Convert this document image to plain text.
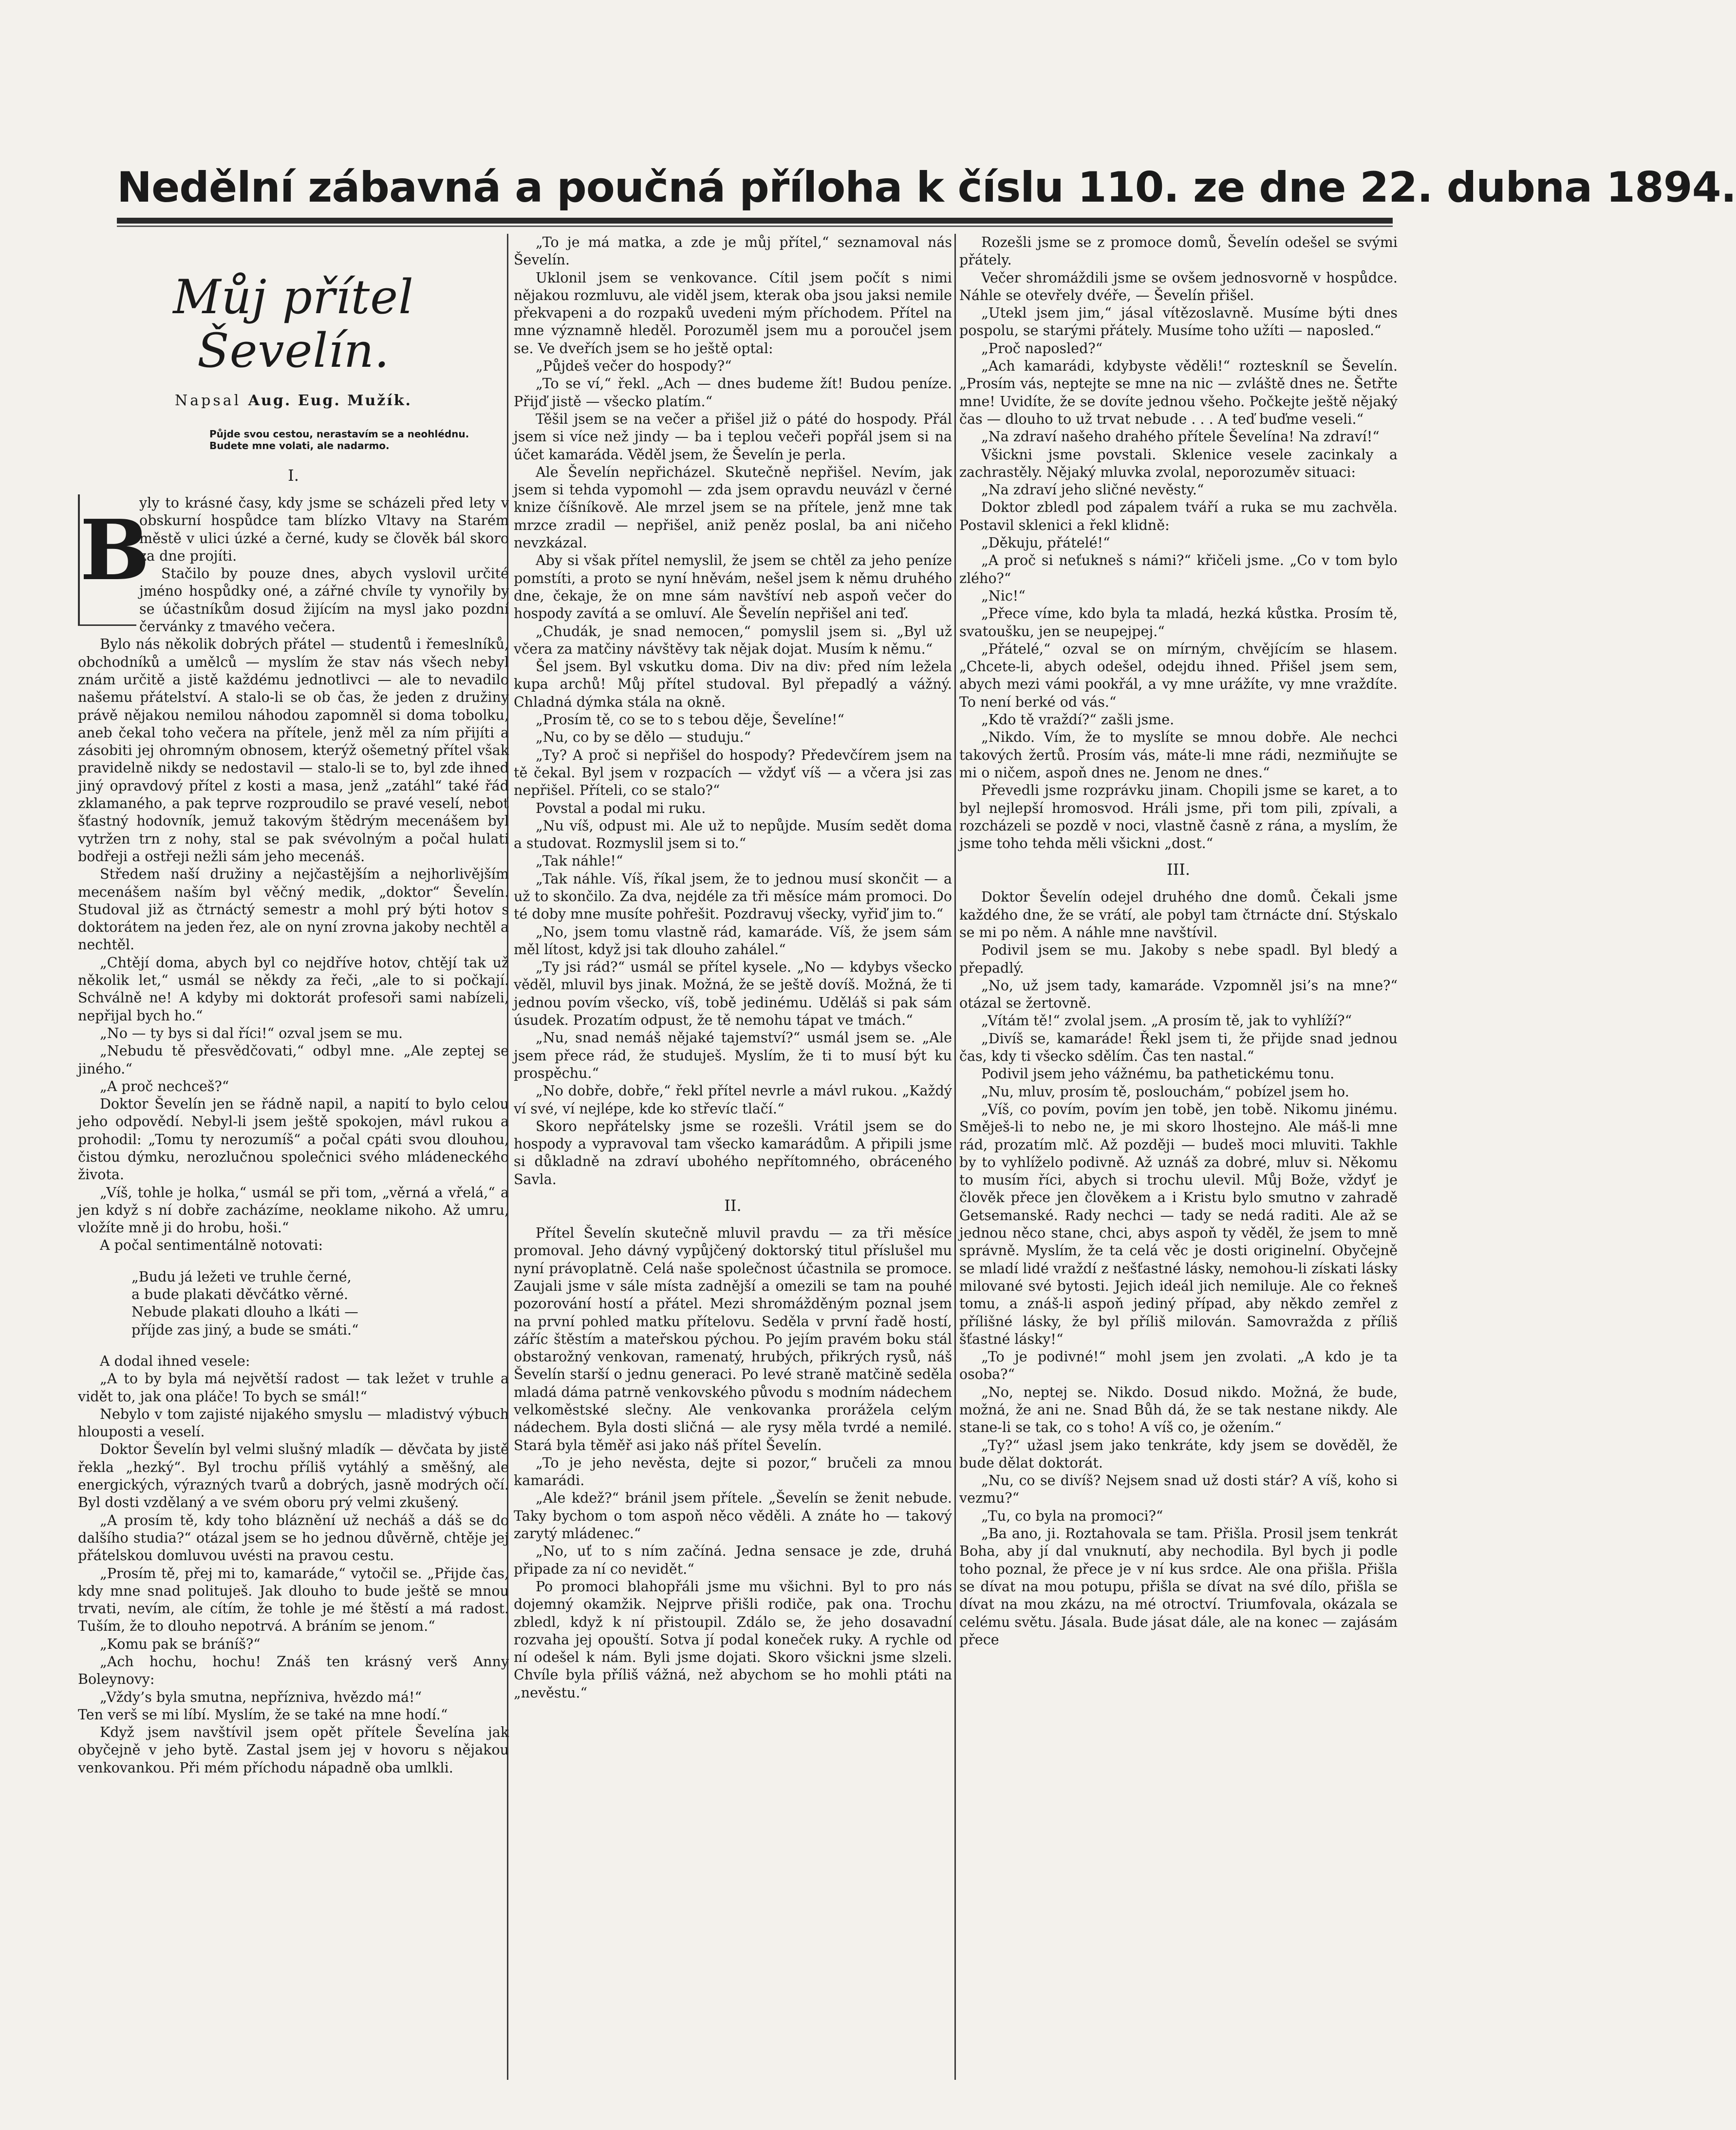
Nedělní zábavná a poučná příloha k číslu 110. ze dne 22. dubna 1894.
Můj přítel Ševelín.
Napsal Aug. Eug. Mužík.
Půjde svou cestou, nerastavím se a neohlédnu. Budete mne volati, ale nadarmo.
I.
B

yly to krásné časy, kdy jsme se scházeli před lety v obskurní hospůdce tam blízko Vltavy na Starém městě v ulici úzké a černé, kudy se člověk bál skoro za dne projíti.

Stačilo by pouze dnes, abych vyslovil určité jméno hospůdky oné, a zářné chvíle ty vynořily by se účastníkům dosud žijícím na mysl jako pozdní červánky z tmavého večera.

Bylo nás několik dobrých přátel — studentů i řemeslníků, obchodníků a umělců — myslím že stav nás všech nebyl znám určitě a jistě každému jednotlivci — ale to nevadilo našemu přátelství. A stalo-li se ob čas, že jeden z družiny právě nějakou nemilou náhodou zapomněl si doma tobolku, aneb čekal toho večera na přítele, jenž měl za ním přijíti a zásobiti jej ohromným obnosem, kterýž ošemetný přítel však pravidelně nikdy se nedostavil — stalo-li se to, byl zde ihned jiný opravdový přítel z kosti a masa, jenž „zatáhl“ také řád zklamaného, a pak teprve rozproudilo se pravé veselí, neboť šťastný hodovník, jemuž takovým štědrým mecenášem byl vytržen trn z nohy, stal se pak svévolným a počal hulati bodřeji a ostřeji nežli sám jeho mecenáš.

Středem naší družiny a nejčastějším a nejhorlivějším mecenášem naším byl věčný medik, „doktor“ Ševelín. Studoval již as čtrnáctý semestr a mohl prý býti hotov s doktorátem na jeden řez, ale on nyní zrovna jakoby nechtěl a nechtěl.

„Chtějí doma, abych byl co nejdříve hotov, chtějí tak už několik let,“ usmál se někdy za řeči, „ale to si počkají. Schválně ne! A kdyby mi doktorát profesoři sami nabízeli, nepřijal bych ho.“

„No — ty bys si dal říci!“ ozval jsem se mu.

„Nebudu tě přesvědčovati,“ odbyl mne. „Ale zeptej se jiného.“

„A proč nechceš?“

Doktor Ševelín jen se řádně napil, a napití to bylo celou jeho odpovědí. Nebyl-li jsem ještě spokojen, mávl rukou a prohodil: „Tomu ty nerozumíš“ a počal cpáti svou dlouhou, čistou dýmku, nerozlučnou společnici svého mládeneckého života.

„Víš, tohle je holka,“ usmál se při tom, „věrná a vřelá,“ a jen když s ní dobře zacházíme, neoklame nikoho. Až umru, vložíte mně ji do hrobu, hoši.“

A počal sentimentálně notovati:

„Budu já ležeti ve truhle černé,
a bude plakati děvčátko věrné.
Nebude plakati dlouho a lkáti —
příjde zas jiný, a bude se smáti.“

A dodal ihned vesele:

„A to by byla má největší radost — tak ležet v truhle a vidět to, jak ona pláče! To bych se smál!“

Nebylo v tom zajisté nijakého smyslu — mladistvý výbuch hlouposti a veselí.

Doktor Ševelín byl velmi slušný mladík — děvčata by jistě řekla „hezký“. Byl trochu příliš vytáhlý a směšný, ale energických, výrazných tvarů a dobrých, jasně modrých očí. Byl dosti vzdělaný a ve svém oboru prý velmi zkušený.

„A prosím tě, kdy toho bláznění už necháš a dáš se do dalšího studia?“ otázal jsem se ho jednou důvěrně, chtěje jej přátelskou domluvou uvésti na pravou cestu.

„Prosím tě, přej mi to, kamaráde,“ vytočil se. „Přijde čas, kdy mne snad polituješ. Jak dlouho to bude ještě se mnou trvati, nevím, ale cítím, že tohle je mé štěstí a má radost. Tuším, že to dlouho nepotrvá. A bráním se jenom.“

„Komu pak se bráníš?“

„Ach hochu, hochu! Znáš ten krásný verš Anny Boleynovy:

„Vždy’s byla smutna, nepříznivа, hvězdo má!“

Ten verš se mi líbí. Myslím, že se také na mne hodí.“

Když jsem navštívil jsem opět přítele Ševelína jak obyčejně v jeho bytě. Zastal jsem jej v hovoru s nějakou venkovankou. Při mém příchodu nápadně oba umlkli.

„To je má matka, a zde je můj přítel,“ seznamoval nás Ševelín.

Uklonil jsem se venkovance. Cítil jsem počít s nimi nějakou rozmluvu, ale viděl jsem, kterak oba jsou jaksi nemile překvapeni a do rozpaků uvedeni mým příchodem. Přítel na mne významně hleděl. Porozuměl jsem mu a poroučel jsem se. Ve dveřích jsem se ho ještě optal:

„Půjdeš večer do hospody?“

„To se ví,“ řekl. „Ach — dnes budeme žít! Budou peníze. Přijď jistě — všecko platím.“

Těšil jsem se na večer a přišel již o páté do hospody. Přál jsem si více než jindy — ba i teplou večeři popřál jsem si na účet kamaráda. Věděl jsem, že Ševelín je perla.

Ale Ševelín nepřicházel. Skutečně nepřišel. Nevím, jak jsem si tehda vypomohl — zda jsem opravdu neuvázl v černé knize číšníkově. Ale mrzel jsem se na přítele, jenž mne tak mrzce zradil — nepřišel, aniž peněz poslal, ba ani ničeho nevzkázal.

Aby si však přítel nemyslil, že jsem se chtěl za jeho peníze pomstíti, a proto se nyní hněvám, nešel jsem k němu druhého dne, čekaje, že on mne sám navštíví neb aspoň večer do hospody zavítá a se omluví. Ale Ševelín nepřišel ani teď.

„Chudák, je snad nemocen,“ pomyslil jsem si. „Byl už včera za matčiny návštěvy tak nějak dojat. Musím k němu.“

Šel jsem. Byl vskutku doma. Div na div: před ním ležela kupa archů! Můj přítel studoval. Byl přepadlý a vážný. Chladná dýmka stála na okně.

„Prosím tě, co se to s tebou děje, Ševelíne!“

„Nu, co by se dělo — studuju.“

„Ty? A proč si nepřišel do hospody? Předevčírem jsem na tě čekal. Byl jsem v rozpacích — vždyť víš — a včera jsi zas nepřišel. Příteli, co se stalo?“

Povstal a podal mi ruku.

„Nu víš, odpust mi. Ale už to nepůjde. Musím sedět doma a studovat. Rozmyslil jsem si to.“

„Tak náhle!“

„Tak náhle. Víš, říkal jsem, že to jednou musí skončit — a už to skončilo. Za dva, nejdéle za tři měsíce mám promoci. Do té doby mne musíte pohřešit. Pozdravuj všecky, vyřiď jim to.“

„No, jsem tomu vlastně rád, kamaráde. Víš, že jsem sám měl lítost, když jsi tak dlouho zahálel.“

„Ty jsi rád?“ usmál se přítel kysele. „No — kdybys všecko věděl, mluvil bys jinak. Možná, že se ještě dovíš. Možná, že ti jednou povím všecko, víš, tobě jedinému. Uděláš si pak sám úsudek. Prozatím odpust, že tě nemohu tápat ve tmách.“

„Nu, snad nemáš nějaké tajemství?“ usmál jsem se. „Ale jsem přece rád, že studuješ. Myslím, že ti to musí být ku prospěchu.“

„No dobře, dobře,“ řekl přítel nevrle a mávl rukou. „Každý ví své, ví nejlépe, kde ko střevíc tlačí.“

Skoro nepřátelsky jsme se rozešli. Vrátil jsem se do hospody a vypravoval tam všecko kamarádům. A připili jsme si důkladně na zdraví ubohého nepřítomného, obráceného Savla.

II.

Přítel Ševelín skutečně mluvil pravdu — za tři měsíce promoval. Jeho dávný vypůjčený doktorský titul příslušel mu nyní právoplatně. Celá naše společnost účastnila se promoce. Zaujali jsme v sále místa zadnější a omezili se tam na pouhé pozorování hostí a přátel. Mezi shromážděným poznal jsem na první pohled matku přítelovu. Seděla v první řadě hostí, záříc štěstím a mateřskou pýchou. Po jejím pravém boku stál obstarožný venkovan, ramenatý, hrubých, přikrých rysů, náš Ševelín starší o jednu generaci. Po levé straně matčině seděla mladá dáma patrně venkovského původu s modním nádechem velkoměstské slečny. Ale venkovanka prorážela celým nádechem. Byla dosti sličná — ale rysy měla tvrdé a nemilé. Stará byla těměř asi jako náš přítel Ševelín.

„To je jeho nevěsta, dejte si pozor,“ bručeli za mnou kamarádi.

„Ale kdež?“ bránil jsem přítele. „Ševelín se ženit nebude. Taky bychom o tom aspoň něco věděli. A znáte ho — takový zarytý mládenec.“

„No, uť to s ním začíná. Jedna sensace je zde, druhá připade za ní co nevidět.“

Po promoci blahopřáli jsme mu všichni. Byl to pro nás dojemný okamžik. Nejprve přišli rodiče, pak ona. Trochu zbledl, když k ní přistoupil. Zdálo se, že jeho dosavadní rozvaha jej opouští. Sotva jí podal koneček ruky. A rychle od ní odešel k nám. Byli jsme dojati. Skoro všickni jsme slzeli. Chvíle byla příliš vážná, než abychom se ho mohli ptáti na „nevěstu.“

Rozešli jsme se z promoce domů, Ševelín odešel se svými přátely.

Večer shromáždili jsme se ovšem jednosvorně v hospůdce. Náhle se otevřely dvéře, — Ševelín přišel.

„Utekl jsem jim,“ jásal vítězoslavně. Musíme býti dnes pospolu, se starými přátely. Musíme toho užíti — naposled.“

„Proč naposled?“

„Ach kamarádi, kdybyste věděli!“ rozteskníl se Ševelín. „Prosím vás, neptejte se mne na nic — zvláště dnes ne. Šetřte mne! Uvidíte, že se dovíte jednou všeho. Počkejte ještě nějaký čas — dlouho to už trvat nebude . . . A teď buďme veseli.“

„Na zdraví našeho drahého přítele Ševelína! Na zdraví!“

Všickni jsme povstali. Sklenice vesele zacinkaly a zachrastěly. Nějaký mluvka zvolal, neporozuměv situaci:

„Na zdraví jeho sličné nevěsty.“

Doktor zbledl pod zápalem tváří a ruka se mu zachvěla. Postavil sklenici a řekl klidně:

„Děkuju, přátelé!“

„A proč si neťukneš s námi?“ křičeli jsme. „Co v tom bylo zlého?“

„Nic!“

„Přece víme, kdo byla ta mladá, hezká kůstka. Prosím tě, svatoušku, jen se neupejpej.“

„Přátelé,“ ozval se on mírným, chvějícím se hlasem. „Chcete-li, abych odešel, odejdu ihned. Přišel jsem sem, abych mezi vámi pookřál, a vy mne urážíte, vy mne vraždíte. To není berké od vás.“

„Kdo tě vraždí?“ zašli jsme.

„Nikdo. Vím, že to myslíte se mnou dobře. Ale nechci takových žertů. Prosím vás, máte-li mne rádi, nezmiňujte se mi o ničem, aspoň dnes ne. Jenom ne dnes.“

Převedli jsme rozprávku jinam. Chopili jsme se karet, a to byl nejlepší hromosvod. Hráli jsme, při tom pili, zpívali, a rozcházeli se pozdě v noci, vlastně časně z rána, a myslím, že jsme toho tehda měli všickni „dost.“

III.

Doktor Ševelín odejel druhého dne domů. Čekali jsme každého dne, že se vrátí, ale pobyl tam čtrnácte dní. Stýskalo se mi po něm. A náhle mne navštívil.

Podivil jsem se mu. Jakoby s nebe spadl. Byl bledý a přepadlý.

„No, už jsem tady, kamaráde. Vzpomněl jsi’s na mne?“ otázal se žertovně.

„Vítám tě!“ zvolal jsem. „A prosím tě, jak to vyhlíží?“

„Divíš se, kamaráde! Řekl jsem ti, že přijde snad jednou čas, kdy ti všecko sdělím. Čas ten nastal.“

Podivil jsem jeho vážnému, ba pathetickému tonu.

„Nu, mluv, prosím tě, poslouchám,“ pobízel jsem ho.

„Víš, co povím, povím jen tobě, jen tobě. Nikomu jinému. Směješ-li to nebo ne, je mi skoro lhostejno. Ale máš-li mne rád, prozatím mlč. Až později — budeš moci mluviti. Takhle by to vyhlíželo podivně. Až uznáš za dobré, mluv si. Někomu to musím říci, abych si trochu ulevil. Můj Bože, vždyť je člověk přece jen člověkem a i Kristu bylo smutno v zahradě Getsemanské. Rady nechci — tady se nedá raditi. Ale až se jednou něco stane, chci, abys aspoň ty věděl, že jsem to mně správně. Myslím, že ta celá věc je dosti originelní. Obyčejně se mladí lidé vraždí z nešťastné lásky, nemohou-li získati lásky milované své bytosti. Jejich ideál jich nemiluje. Ale co řekneš tomu, a znáš-li aspoň jediný případ, aby někdo zemřel z přílišné lásky, že byl příliš milován. Samovražda z příliš šťastné lásky!“

„To je podivné!“ mohl jsem jen zvolati. „A kdo je ta osoba?“

„No, neptej se. Nikdo. Dosud nikdo. Možná, že bude, možná, že ani ne. Snad Bůh dá, že se tak nestane nikdy. Ale stane-li se tak, co s toho! A víš co, je ožením.“

„Ty?“ užasl jsem jako tenkráte, kdy jsem se dověděl, že bude dělat doktorát.

„Nu, co se divíš? Nejsem snad už dosti stár? A víš, koho si vezmu?“

„Tu, co byla na promoci?“

„Ba ano, ji. Roztahovala se tam. Přišla. Prosil jsem tenkrát Boha, aby jí dal vnuknutí, aby nechodila. Byl bych ji podle toho poznal, že přece je v ní kus srdce. Ale ona přišla. Přišla se dívat na mou potupu, přišla se dívat na své dílo, přišla se dívat na mou zkázu, na mé otroctví. Triumfovala, okázala se celému světu. Jásala. Bude jásat dále, ale na konec — zajásám přece
